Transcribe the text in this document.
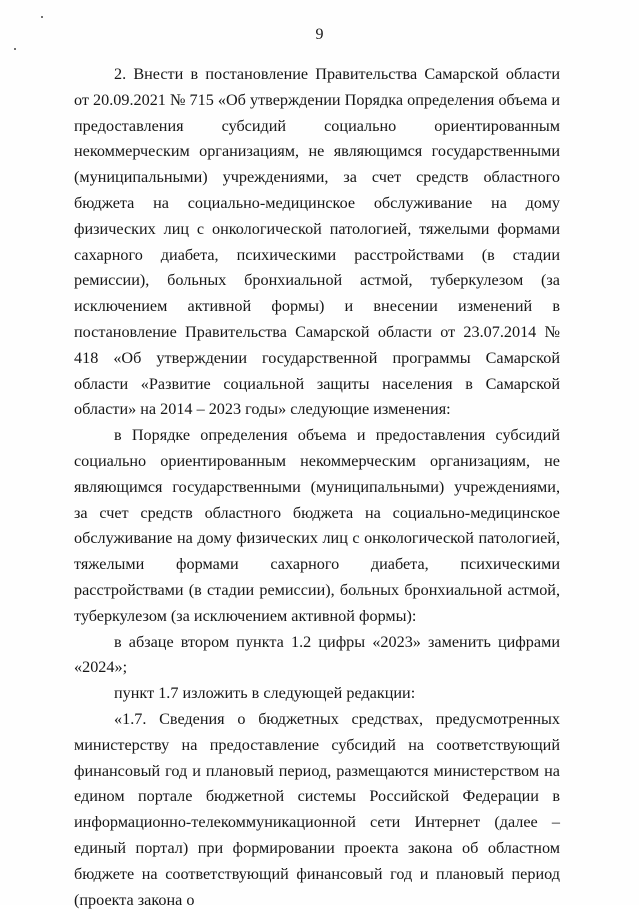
9

2. Внести в постановление Правительства Самарской области от 20.09.2021 № 715 «Об утверждении Порядка определения объема и предоставления субсидий социально ориентированным некоммерческим организациям, не являющимся государственными (муниципальными) учреждениями, за счет средств областного бюджета на социально-медицинское обслуживание на дому физических лиц с онкологической патологией, тяжелыми формами сахарного диабета, психическими расстройствами (в стадии ремиссии), больных бронхиальной астмой, туберкулезом (за исключением активной формы) и внесении изменений в постановление Правительства Самарской области от 23.07.2014 № 418 «Об утверждении государственной программы Самарской области «Развитие социальной защиты населения в Самарской области» на 2014 – 2023 годы» следующие изменения:

в Порядке определения объема и предоставления субсидий социально ориентированным некоммерческим организациям, не являющимся государственными (муниципальными) учреждениями, за счет средств областного бюджета на социально-медицинское обслуживание на дому физических лиц с онкологической патологией, тяжелыми формами сахарного диабета, психическими расстройствами (в стадии ремиссии), больных бронхиальной астмой, туберкулезом (за исключением активной формы):

в абзаце втором пункта 1.2 цифры «2023» заменить цифрами «2024»;

пункт 1.7 изложить в следующей редакции:

«1.7. Сведения о бюджетных средствах, предусмотренных министерству на предоставление субсидий на соответствующий финансовый год и плановый период, размещаются министерством на едином портале бюджетной системы Российской Федерации в информационно-телекоммуникационной сети Интернет (далее – единый портал) при формировании проекта закона об областном бюджете на соответствующий финансовый год и плановый период (проекта закона о
